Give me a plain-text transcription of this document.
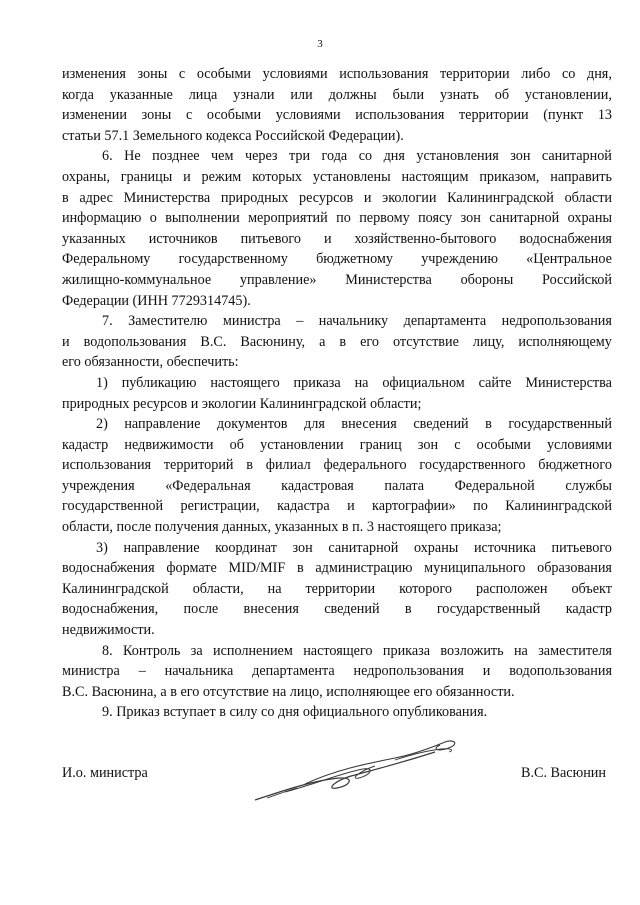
3
изменения зоны с особыми условиями использования территории либо со дня,
когда указанные лица узнали или должны были узнать об установлении,
изменении зоны с особыми условиями использования территории (пункт 13
статьи 57.1 Земельного кодекса Российской Федерации).
6. Не позднее чем через три года со дня установления зон санитарной
охраны, границы и режим которых установлены настоящим приказом, направить
в адрес Министерства природных ресурсов и экологии Калининградской области
информацию о выполнении мероприятий по первому поясу зон санитарной охраны
указанных источников питьевого и хозяйственно-бытового водоснабжения
Федеральному государственному бюджетному учреждению «Центральное
жилищно-коммунальное управление» Министерства обороны Российской
Федерации (ИНН 7729314745).
7. Заместителю министра – начальнику департамента недропользования
и водопользования В.С. Васюнину, а в его отсутствие лицу, исполняющему
его обязанности, обеспечить:
1) публикацию настоящего приказа на официальном сайте Министерства
природных ресурсов и экологии Калининградской области;
2) направление документов для внесения сведений в государственный
кадастр недвижимости об установлении границ зон с особыми условиями
использования территорий в филиал федерального государственного бюджетного
учреждения «Федеральная кадастровая палата Федеральной службы
государственной регистрации, кадастра и картографии» по Калининградской
области, после получения данных, указанных в п. 3 настоящего приказа;
3) направление координат зон санитарной охраны источника питьевого
водоснабжения формате MID/MIF в администрацию муниципального образования
Калининградской области, на территории которого расположен объект
водоснабжения, после внесения сведений в государственный кадастр
недвижимости.
8. Контроль за исполнением настоящего приказа возложить на заместителя
министра – начальника департамента недропользования и водопользования
В.С. Васюнина, а в его отсутствие на лицо, исполняющее его обязанности.
9. Приказ вступает в силу со дня официального опубликования.
И.о. министра	В.С. Васюнин
